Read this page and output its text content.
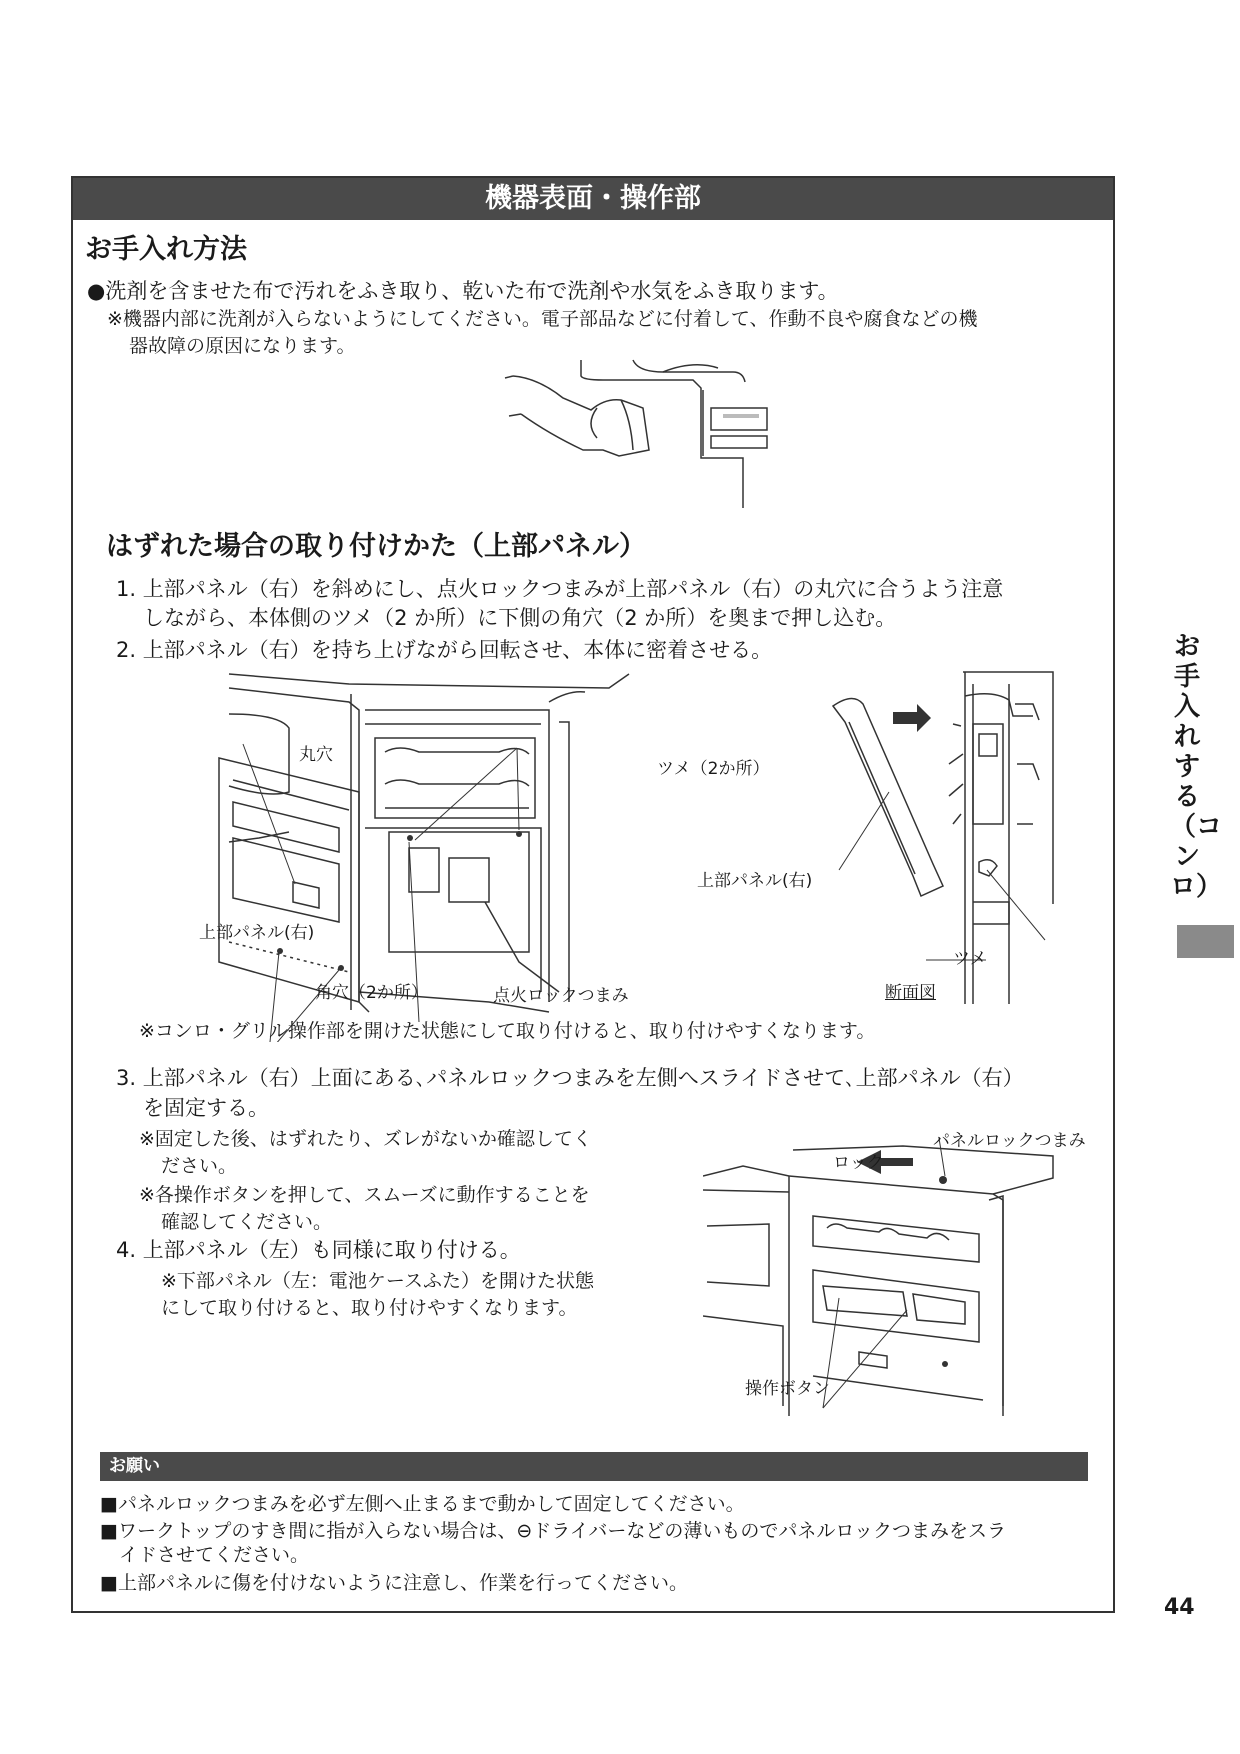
機器表面・操作部
お手入れ方法
●洗剤を含ませた布で汚れをふき取り、乾いた布で洗剤や水気をふき取ります。
※機器内部に洗剤が入らないようにしてください。電子部品などに付着して、作動不良や腐食などの機
器故障の原因になります。
はずれた場合の取り付けかた（上部パネル）
1. 上部パネル（右）を斜めにし、点火ロックつまみが上部パネル（右）の丸穴に合うよう注意
しながら、本体側のツメ（2 か所）に下側の角穴（2 か所）を奥まで押し込む。
2. 上部パネル（右）を持ち上げながら回転させ、本体に密着させる。
丸穴
ツメ（2か所）
上部パネル(右)
上部パネル(右)
ツメ
角穴（2か所）	点火ロックつまみ	断面図
※コンロ・グリル操作部を開けた状態にして取り付けると、取り付けやすくなります。
3. 上部パネル（右）上面にある､パネルロックつまみを左側へスライドさせて､上部パネル（右）
を固定する。
※固定した後、はずれたり、ズレがないか確認してく
ださい。
※各操作ボタンを押して、スムーズに動作することを
確認してください。
4. 上部パネル（左）も同様に取り付ける。
※下部パネル（左：電池ケースふた）を開けた状態
にして取り付けると、取り付けやすくなります。
パネルロックつまみ
ロック
操作ボタン
お願い
■パネルロックつまみを必ず左側へ止まるまで動かして固定してください。
■ワークトップのすき間に指が入らない場合は、⊖ドライバーなどの薄いものでパネルロックつまみをスラ
イドさせてください。
■上部パネルに傷を付けないように注意し、作業を行ってください。
お手入れする（コンロ）
44
